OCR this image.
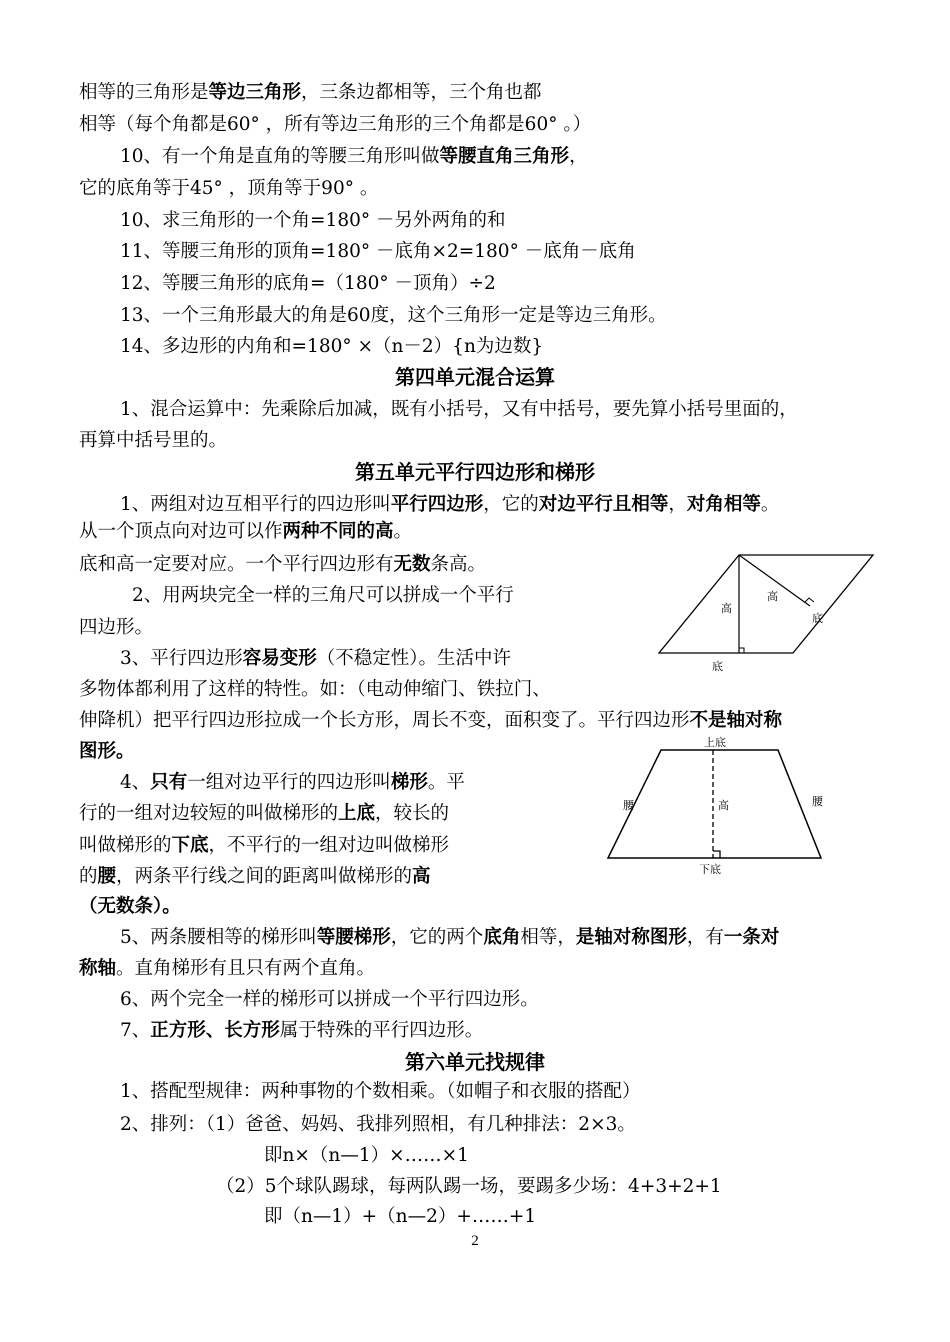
相等的三角形是等边三角形，三条边都相等，三个角也都
相等（每个角都是60° ，所有等边三角形的三个角都是60° 。）
10、有一个角是直角的等腰三角形叫做等腰直角三角形，
它的底角等于45° ，顶角等于90° 。
10、求三角形的一个角=180° －另外两角的和
11、等腰三角形的顶角=180° －底角×2=180° －底角－底角
12、等腰三角形的底角=（180° －顶角）÷2
13、一个三角形最大的角是60度，这个三角形一定是等边三角形。
14、多边形的内角和=180° ×（n－2）{n为边数}
第四单元混合运算
1、混合运算中：先乘除后加减，既有小括号，又有中括号，要先算小括号里面的，
再算中括号里的。
第五单元平行四边形和梯形
1、两组对边互相平行的四边形叫平行四边形，它的对边平行且相等，对角相等。
从一个顶点向对边可以作两种不同的高。
底和高一定要对应。一个平行四边形有无数条高。
2、用两块完全一样的三角尺可以拼成一个平行
四边形。
3、平行四边形容易变形（不稳定性）。生活中许
多物体都利用了这样的特性。如：（电动伸缩门、铁拉门、
伸降机）把平行四边形拉成一个长方形，周长不变，面积变了。平行四边形不是轴对称
图形。
4、只有一组对边平行的四边形叫梯形。平
行的一组对边较短的叫做梯形的上底，较长的
叫做梯形的下底，不平行的一组对边叫做梯形
的腰，两条平行线之间的距离叫做梯形的高
（无数条）。
5、两条腰相等的梯形叫等腰梯形，它的两个底角相等，是轴对称图形，有一条对
称轴。直角梯形有且只有两个直角。
6、两个完全一样的梯形可以拼成一个平行四边形。
7、正方形、长方形属于特殊的平行四边形。
第六单元找规律
1、搭配型规律：两种事物的个数相乘。（如帽子和衣服的搭配）
2、排列：（1）爸爸、妈妈、我排列照相，有几种排法：2×3。
即n×（n—1）×……×1
（2）5个球队踢球，每两队踢一场，要踢多少场：4+3+2+1
即（n—1）+（n—2）+……+1
高
高
底
底
上底
腰	高	腰
下底
2
